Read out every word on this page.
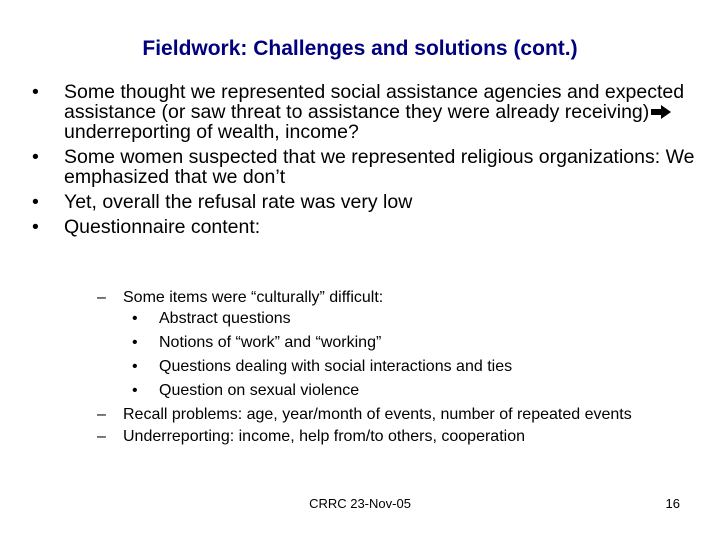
Fieldwork: Challenges and solutions (cont.)
• Some thought we represented social assistance agencies and expected assistance (or saw threat to assistance they were already receiving)underreporting of wealth, income?
• Some women suspected that we represented religious organizations: We emphasized that we don’t
• Yet, overall the refusal rate was very low
• Questionnaire content:
– Some items were “culturally” difficult:
• Abstract questions
• Notions of “work” and “working”
• Questions dealing with social interactions and ties
• Question on sexual violence
– Recall problems: age, year/month of events, number of repeated events
– Underreporting: income, help from/to others, cooperation
CRRC 23-Nov-05	16
